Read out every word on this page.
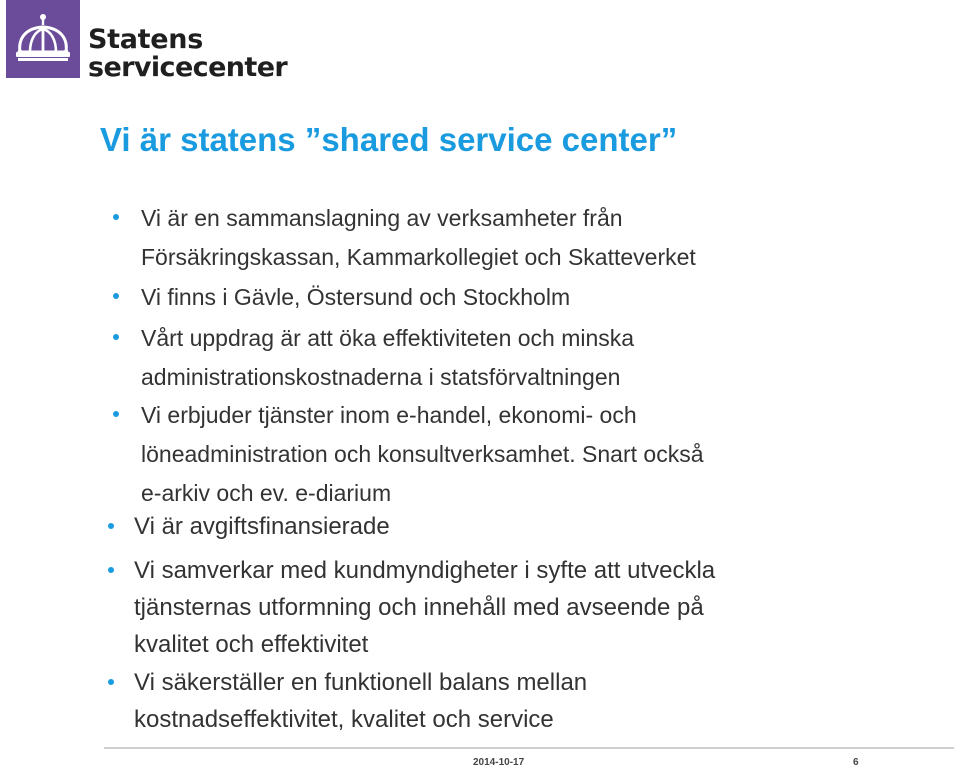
Statens
servicecenter
Vi är statens ”shared service center”
Vi är en sammanslagning av verksamheter från
Försäkringskassan, Kammarkollegiet och Skatteverket
Vi finns i Gävle, Östersund och Stockholm
Vårt uppdrag är att öka effektiviteten och minska
administrationskostnaderna i statsförvaltningen
Vi erbjuder tjänster inom e-handel, ekonomi- och
löneadministration och konsultverksamhet. Snart också
e-arkiv och ev. e-diarium
Vi är avgiftsfinansierade
Vi samverkar med kundmyndigheter i syfte att utveckla
tjänsternas utformning och innehåll med avseende på
kvalitet och effektivitet
Vi säkerställer en funktionell balans mellan
kostnadseffektivitet, kvalitet och service
2014-10-17	6
